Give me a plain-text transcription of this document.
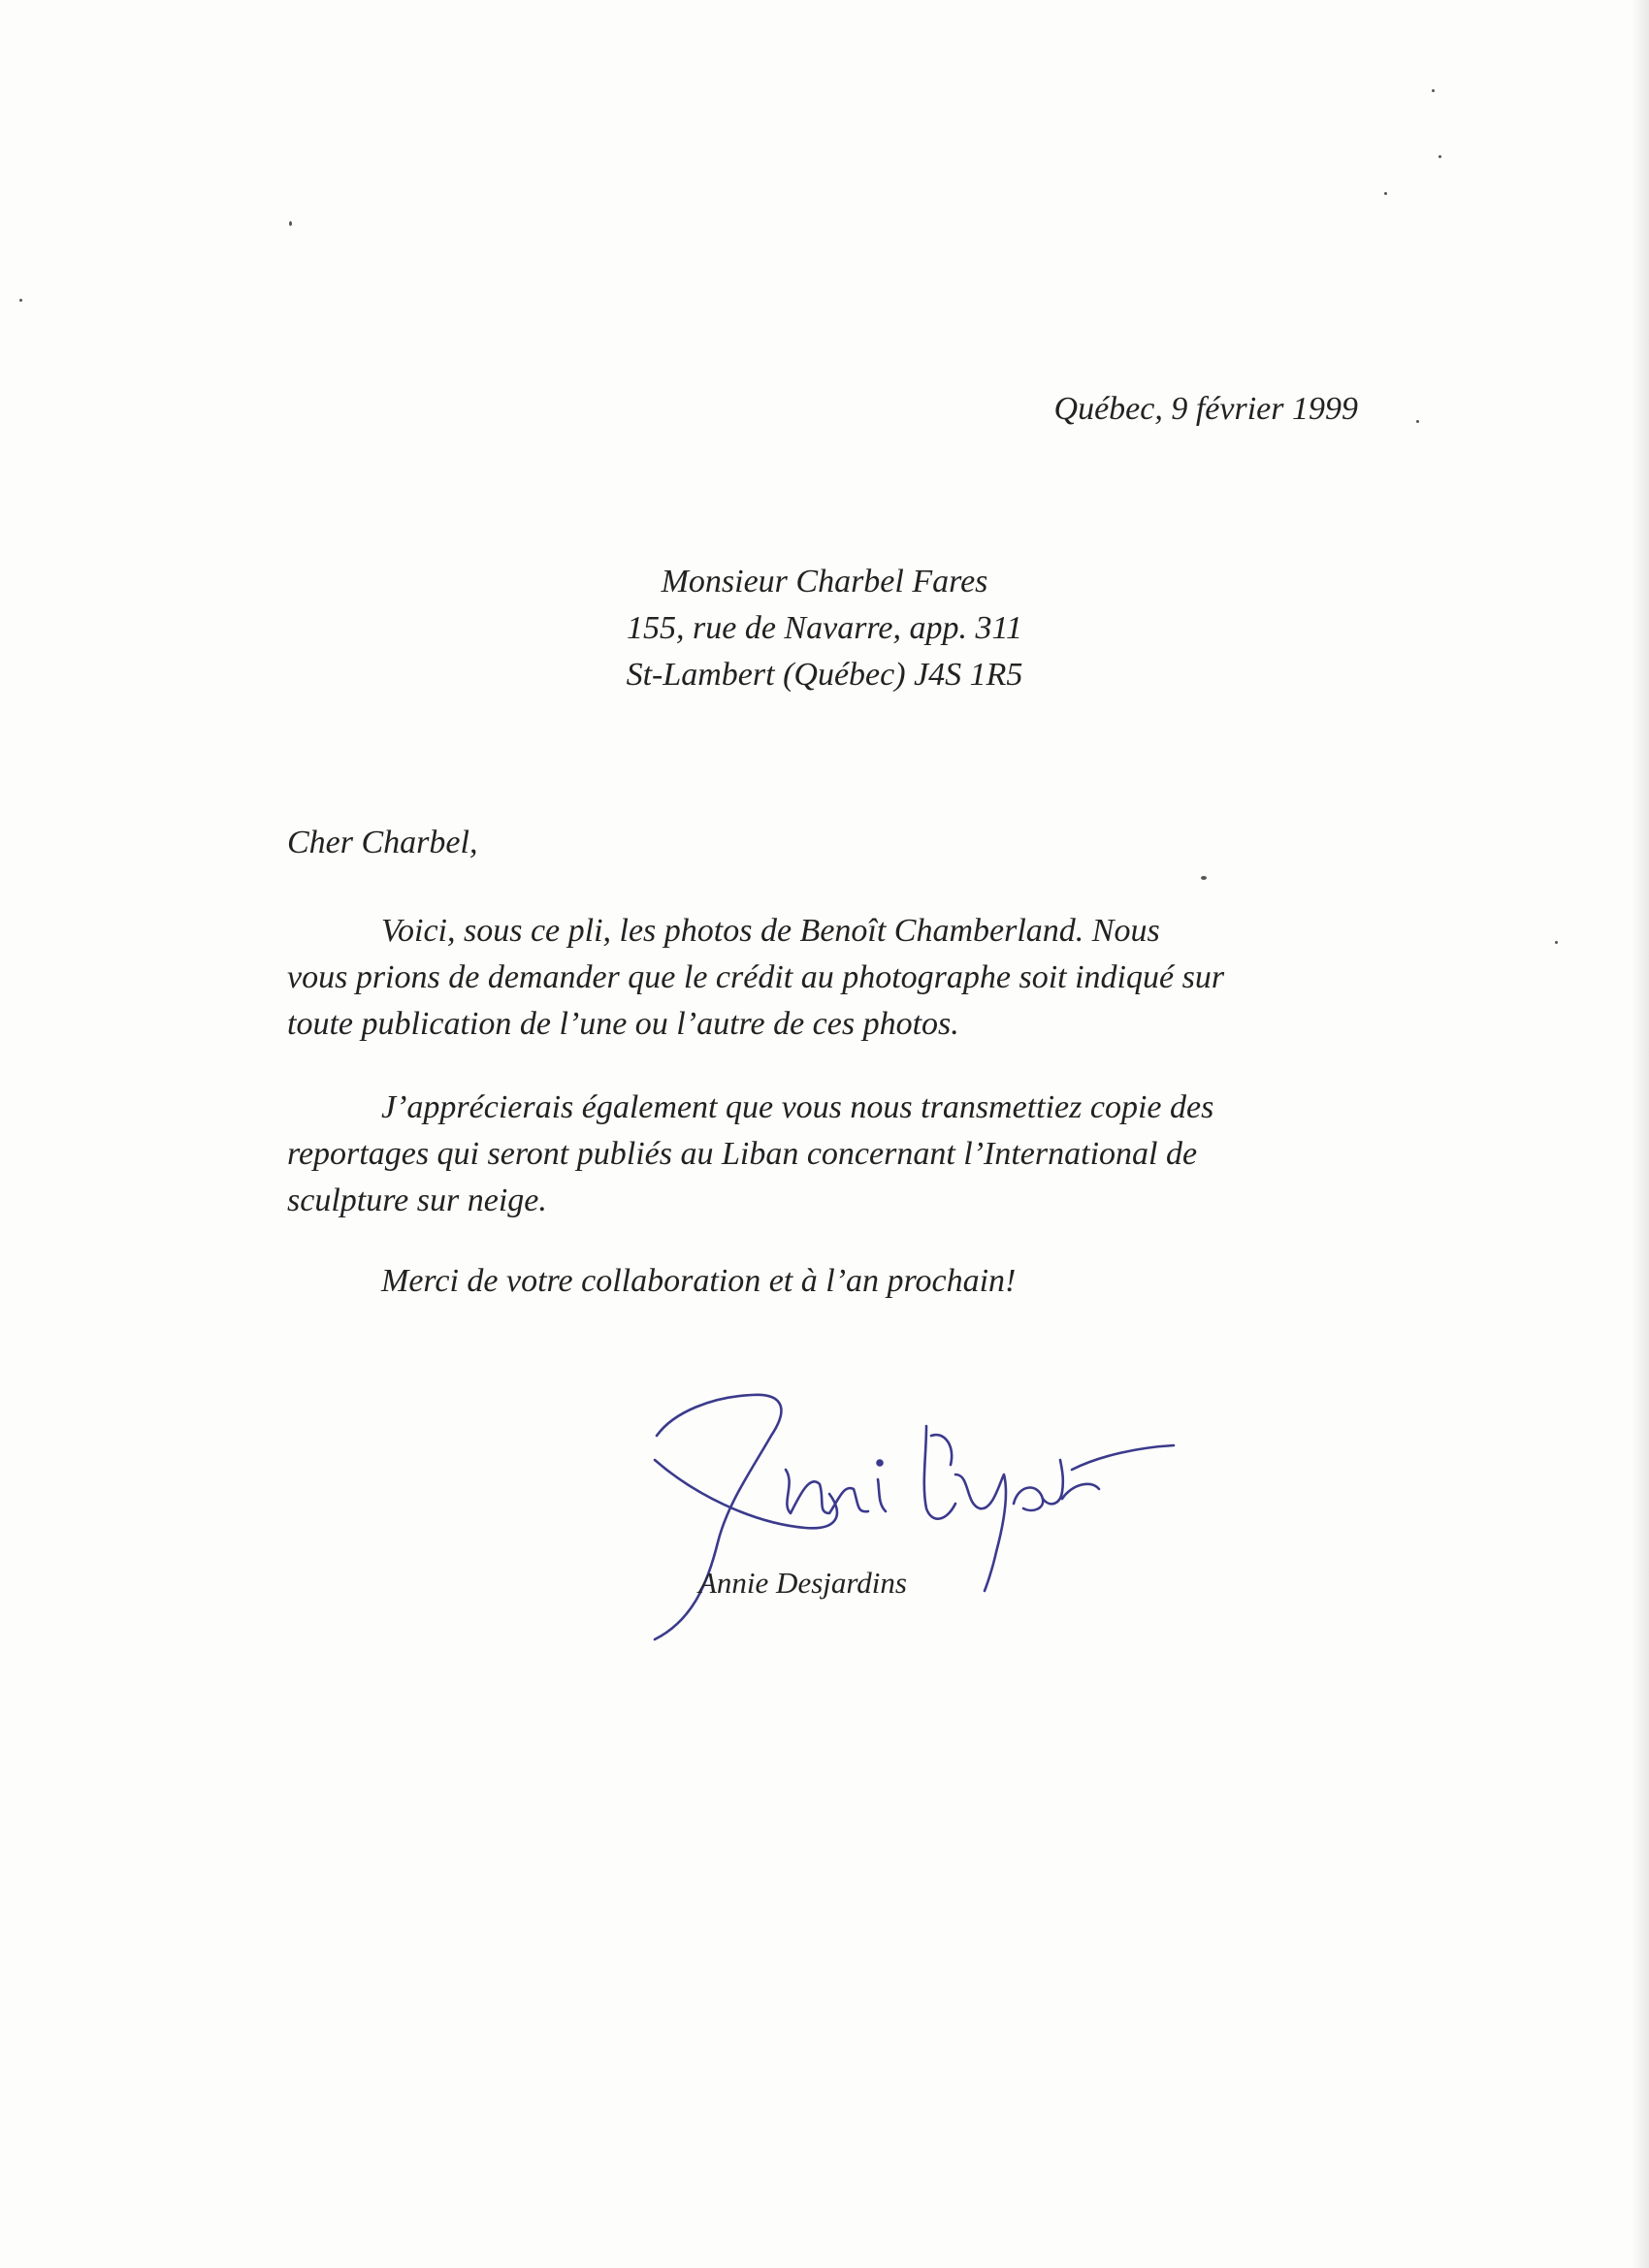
Québec, 9 février 1999
Monsieur Charbel Fares
155, rue de Navarre, app. 311
St-Lambert (Québec) J4S 1R5
Cher Charbel,
Voici, sous ce pli, les photos de Benoît Chamberland. Nous
vous prions de demander que le crédit au photographe soit indiqué sur
toute publication de l’une ou l’autre de ces photos.
J’apprécierais également que vous nous transmettiez copie des
reportages qui seront publiés au Liban concernant l’International de
sculpture sur neige.
Merci de votre collaboration et à l’an prochain!
Annie Desjardins
